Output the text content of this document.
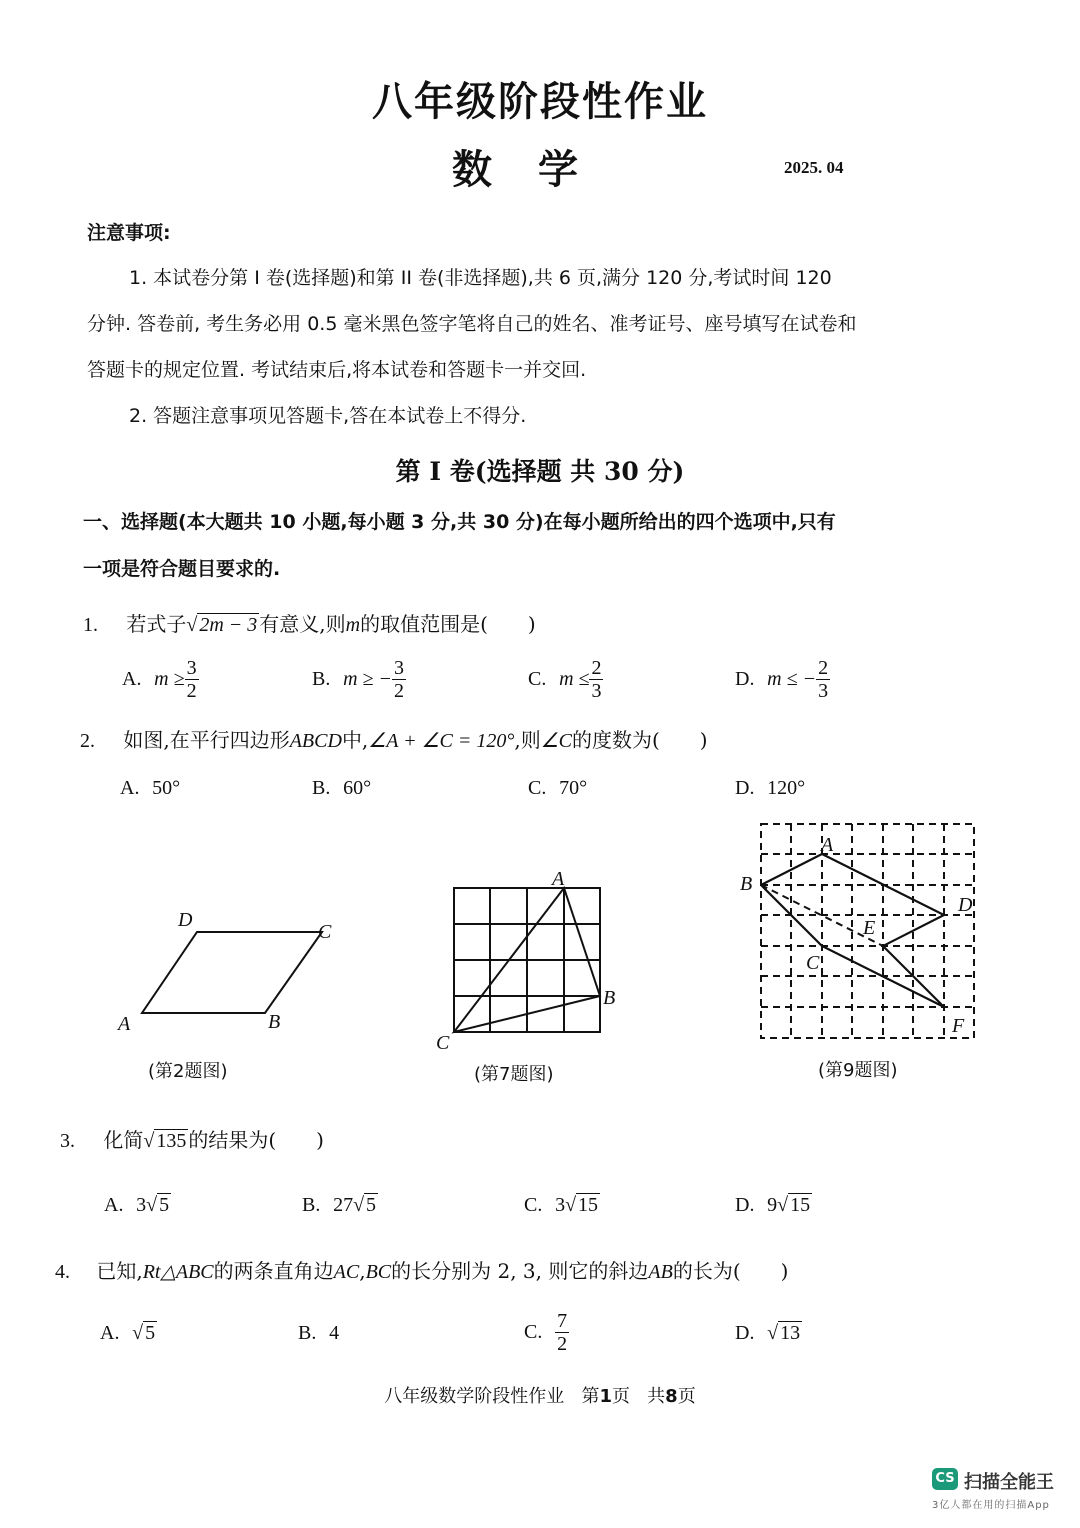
八年级阶段性作业
数 学	2025. 04
注意事项:
1. 本试卷分第 I 卷(选择题)和第 II 卷(非选择题),共 6 页,满分 120 分,考试时间 120
分钟. 答卷前, 考生务必用 0.5 毫米黑色签字笔将自己的姓名、准考证号、座号填写在试卷和
答题卡的规定位置. 考试结束后,将本试卷和答题卡一并交回.
2. 答题注意事项见答题卡,答在本试卷上不得分.
第 I 卷(选择题 共 30 分)
一、选择题(本大题共 10 小题,每小题 3 分,共 30 分)在每小题所给出的四个选项中,只有
一项是符合题目要求的.
1. 若式子√ 2m − 3 有意义,则m的取值范围是( )
A. $m \ge \frac{3}{2}$	B. m ≥ − $\frac{3}{2}$	C. $m \le \frac{2}{3}$	D. m ≤ − $\frac{2}{3}$
2. 如图,在平行四边形ABCD中,∠A + ∠C = 120°,则∠C的度数为( )
A. 50°	B. 60°	C. 70°	D. 120°
A	B
C
D
(第2题图)
A
B
C
(第7题图)
A
B
C
D
E
F
(第9题图)
3. 化简√ 135 的结果为( )
A. 3√ 5	B. 27√ 5	C. 3√ 15	D. 9√ 15
4. 已知,Rt△ABC的两条直角边AC,BC的长分别为 2, 3, 则它的斜边AB的长为( )
A. √ 5	B. 4	C. $\frac{7}{2}$	D. √ 13
八年级数学阶段性作业 第1页 共8页
CS 扫描全能王
3亿人都在用的扫描App
